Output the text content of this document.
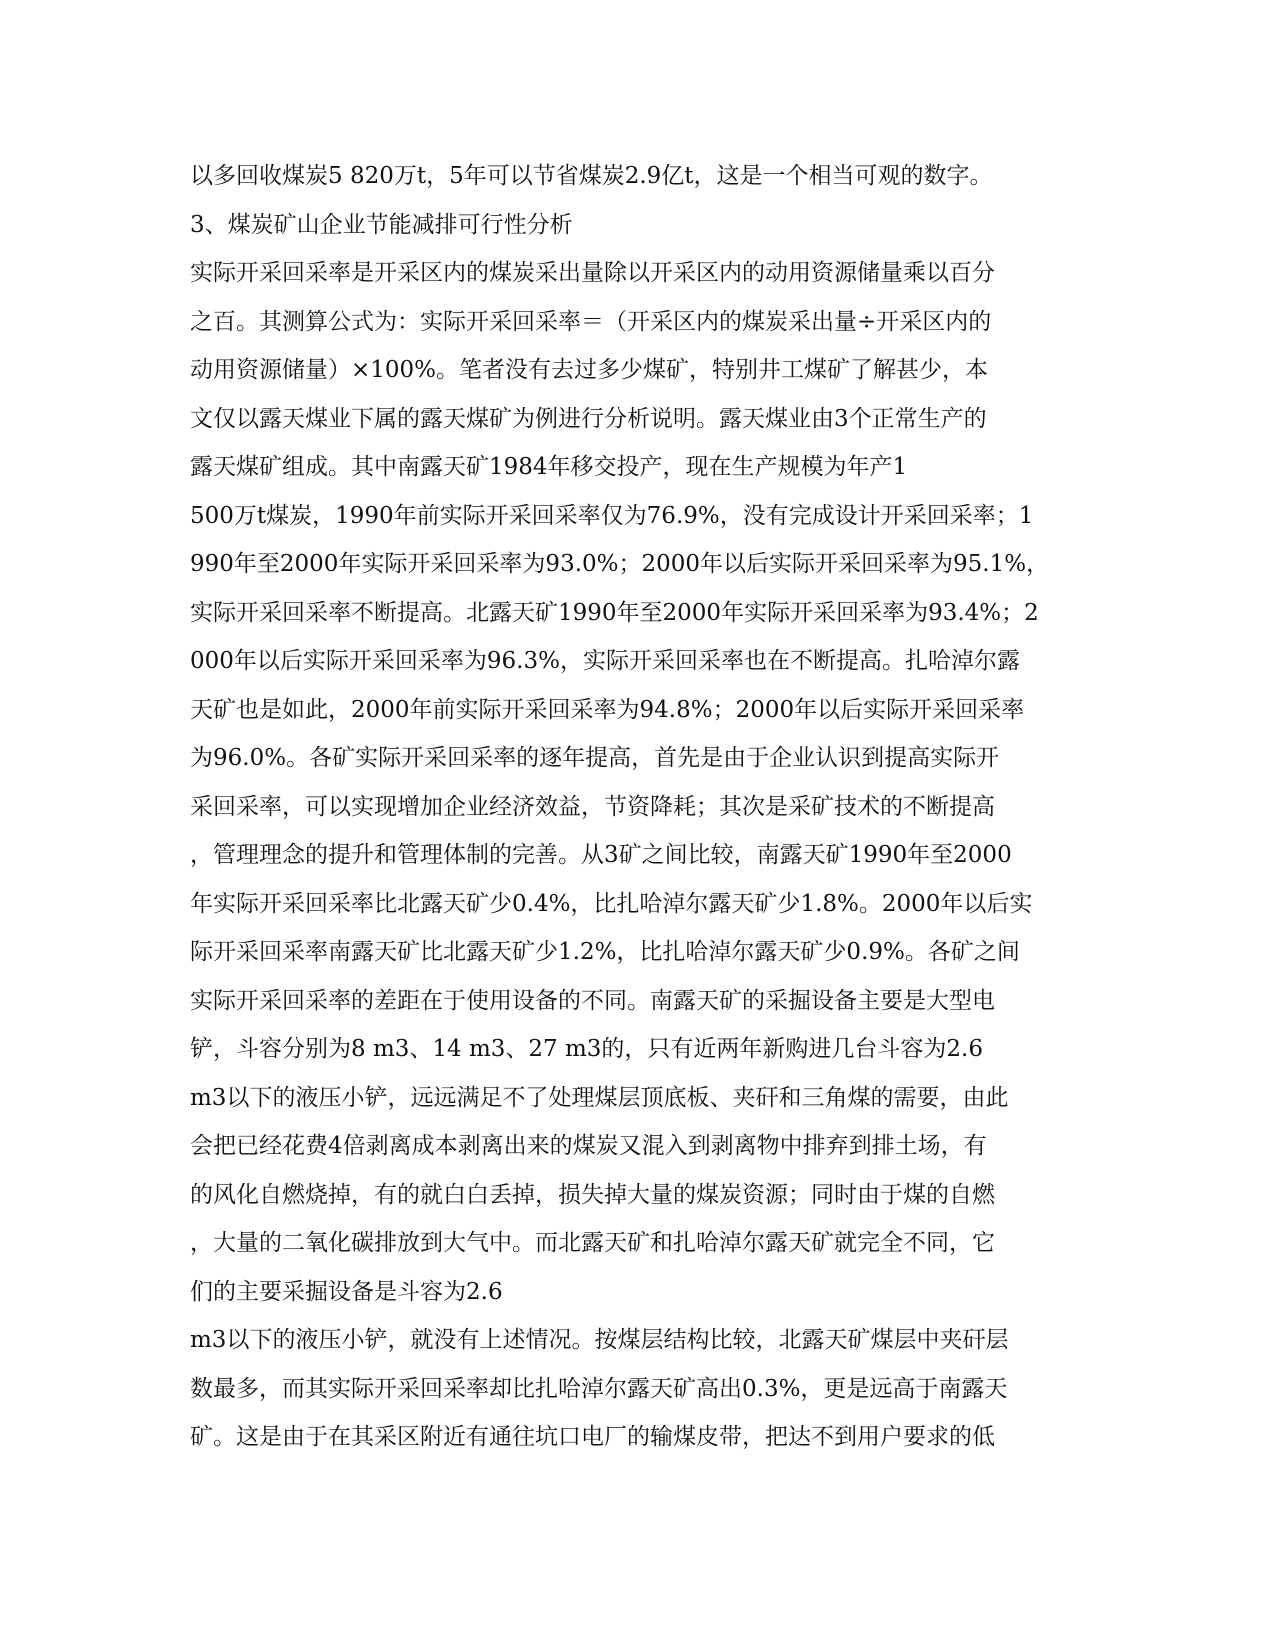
以多回收煤炭5 820万t，5年可以节省煤炭2.9亿t，这是一个相当可观的数字。
3、煤炭矿山企业节能减排可行性分析
实际开采回采率是开采区内的煤炭采出量除以开采区内的动用资源储量乘以百分
之百。其测算公式为：实际开采回采率＝（开采区内的煤炭采出量÷开采区内的
动用资源储量）×100%。笔者没有去过多少煤矿，特别井工煤矿了解甚少，本
文仅以露天煤业下属的露天煤矿为例进行分析说明。露天煤业由3个正常生产的
露天煤矿组成。其中南露天矿1984年移交投产，现在生产规模为年产1
500万t煤炭，1990年前实际开采回采率仅为76.9%，没有完成设计开采回采率；1
990年至2000年实际开采回采率为93.0%；2000年以后实际开采回采率为95.1%，
实际开采回采率不断提高。北露天矿1990年至2000年实际开采回采率为93.4%；2
000年以后实际开采回采率为96.3%，实际开采回采率也在不断提高。扎哈淖尔露
天矿也是如此，2000年前实际开采回采率为94.8%；2000年以后实际开采回采率
为96.0%。各矿实际开采回采率的逐年提高，首先是由于企业认识到提高实际开
采回采率，可以实现增加企业经济效益，节资降耗；其次是采矿技术的不断提高
，管理理念的提升和管理体制的完善。从3矿之间比较，南露天矿1990年至2000
年实际开采回采率比北露天矿少0.4%，比扎哈淖尔露天矿少1.8%。2000年以后实
际开采回采率南露天矿比北露天矿少1.2%，比扎哈淖尔露天矿少0.9%。各矿之间
实际开采回采率的差距在于使用设备的不同。南露天矿的采掘设备主要是大型电
铲，斗容分别为8 m3、14 m3、27 m3的，只有近两年新购进几台斗容为2.6
m3以下的液压小铲，远远满足不了处理煤层顶底板、夹矸和三角煤的需要，由此
会把已经花费4倍剥离成本剥离出来的煤炭又混入到剥离物中排弃到排土场，有
的风化自燃烧掉，有的就白白丢掉，损失掉大量的煤炭资源；同时由于煤的自燃
，大量的二氧化碳排放到大气中。而北露天矿和扎哈淖尔露天矿就完全不同，它
们的主要采掘设备是斗容为2.6
m3以下的液压小铲，就没有上述情况。按煤层结构比较，北露天矿煤层中夹矸层
数最多，而其实际开采回采率却比扎哈淖尔露天矿高出0.3%，更是远高于南露天
矿。这是由于在其采区附近有通往坑口电厂的输煤皮带，把达不到用户要求的低
